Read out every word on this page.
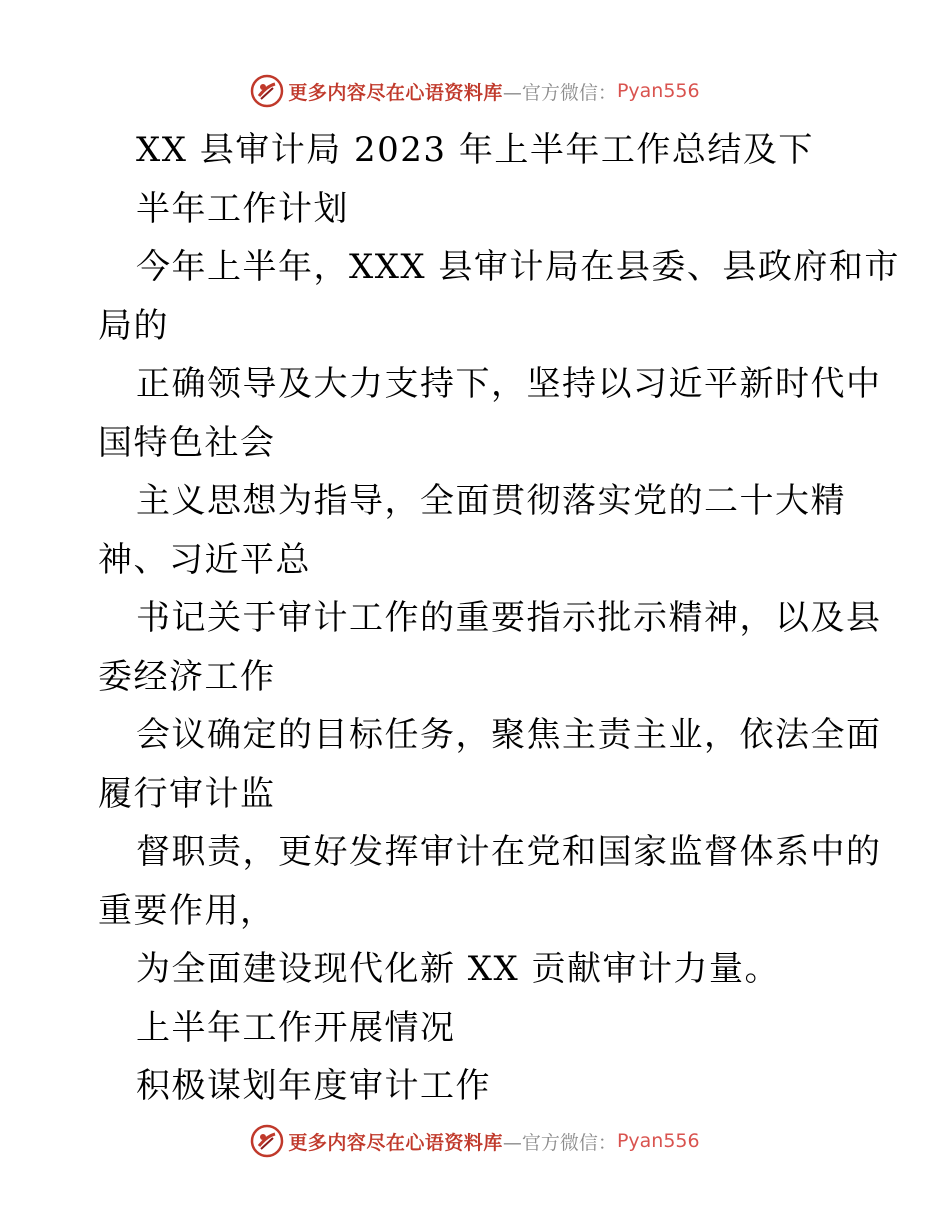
更多内容尽在心语资料库 —官方微信： Pyan556
XX 县审计局 2023 年上半年工作总结及下
半年工作计划
今年上半年，XXX 县审计局在县委、县政府和市
局的
正确领导及大力支持下，坚持以习近平新时代中
国特色社会
主义思想为指导，全面贯彻落实党的二十大精
神、习近平总
书记关于审计工作的重要指示批示精神，以及县
委经济工作
会议确定的目标任务，聚焦主责主业，依法全面
履行审计监
督职责，更好发挥审计在党和国家监督体系中的
重要作用，
为全面建设现代化新 XX 贡献审计力量。
上半年工作开展情况
积极谋划年度审计工作
更多内容尽在心语资料库 —官方微信： Pyan556
